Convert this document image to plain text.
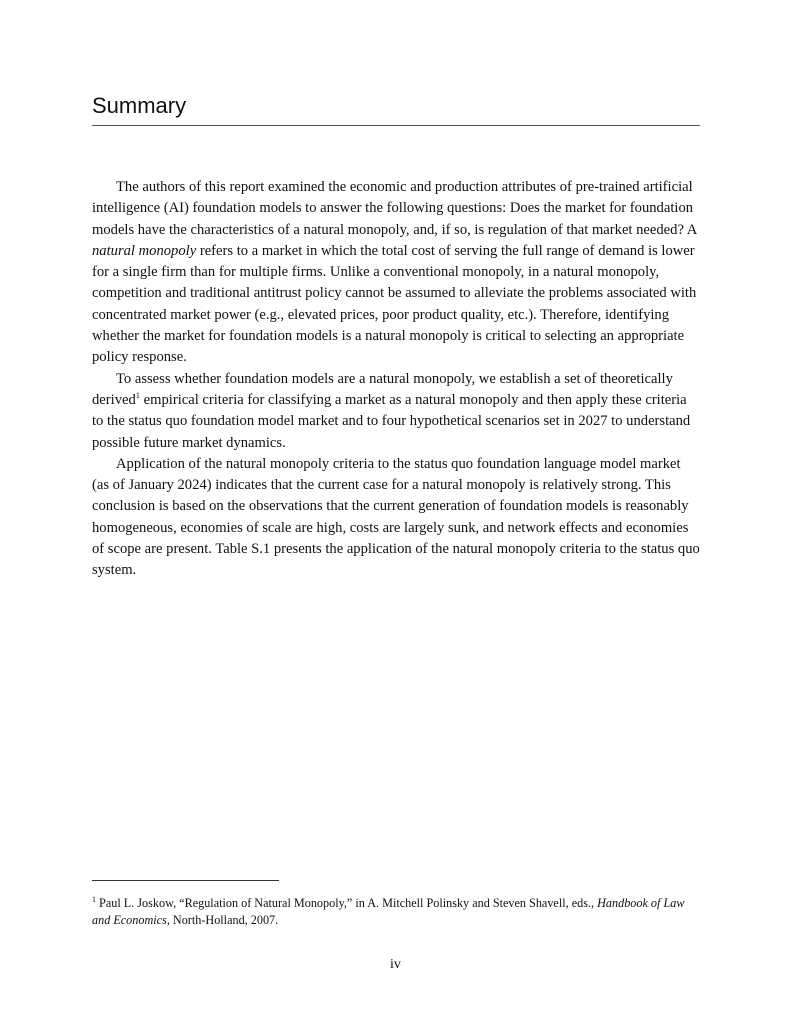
Summary

The authors of this report examined the economic and production attributes of pre-trained artificial intelligence (AI) foundation models to answer the following questions: Does the market for foundation models have the characteristics of a natural monopoly, and, if so, is regulation of that market needed? A natural monopoly refers to a market in which the total cost of serving the full range of demand is lower for a single firm than for multiple firms. Unlike a conventional monopoly, in a natural monopoly, competition and traditional antitrust policy cannot be assumed to alleviate the problems associated with concentrated market power (e.g., elevated prices, poor product quality, etc.). Therefore, identifying whether the market for foundation models is a natural monopoly is critical to selecting an appropriate policy response.

To assess whether foundation models are a natural monopoly, we establish a set of theoretically derived$^1$ empirical criteria for classifying a market as a natural monopoly and then apply these criteria to the status quo foundation model market and to four hypothetical scenarios set in 2027 to understand possible future market dynamics.

Application of the natural monopoly criteria to the status quo foundation language model market (as of January 2024) indicates that the current case for a natural monopoly is relatively strong. This conclusion is based on the observations that the current generation of foundation models is reasonably homogeneous, economies of scale are high, costs are largely sunk, and network effects and economies of scope are present. Table S.1 presents the application of the natural monopoly criteria to the status quo system.

$^1$ Paul L. Joskow, “Regulation of Natural Monopoly,” in A. Mitchell Polinsky and Steven Shavell, eds., Handbook of Law and Economics, North-Holland, 2007.
iv
